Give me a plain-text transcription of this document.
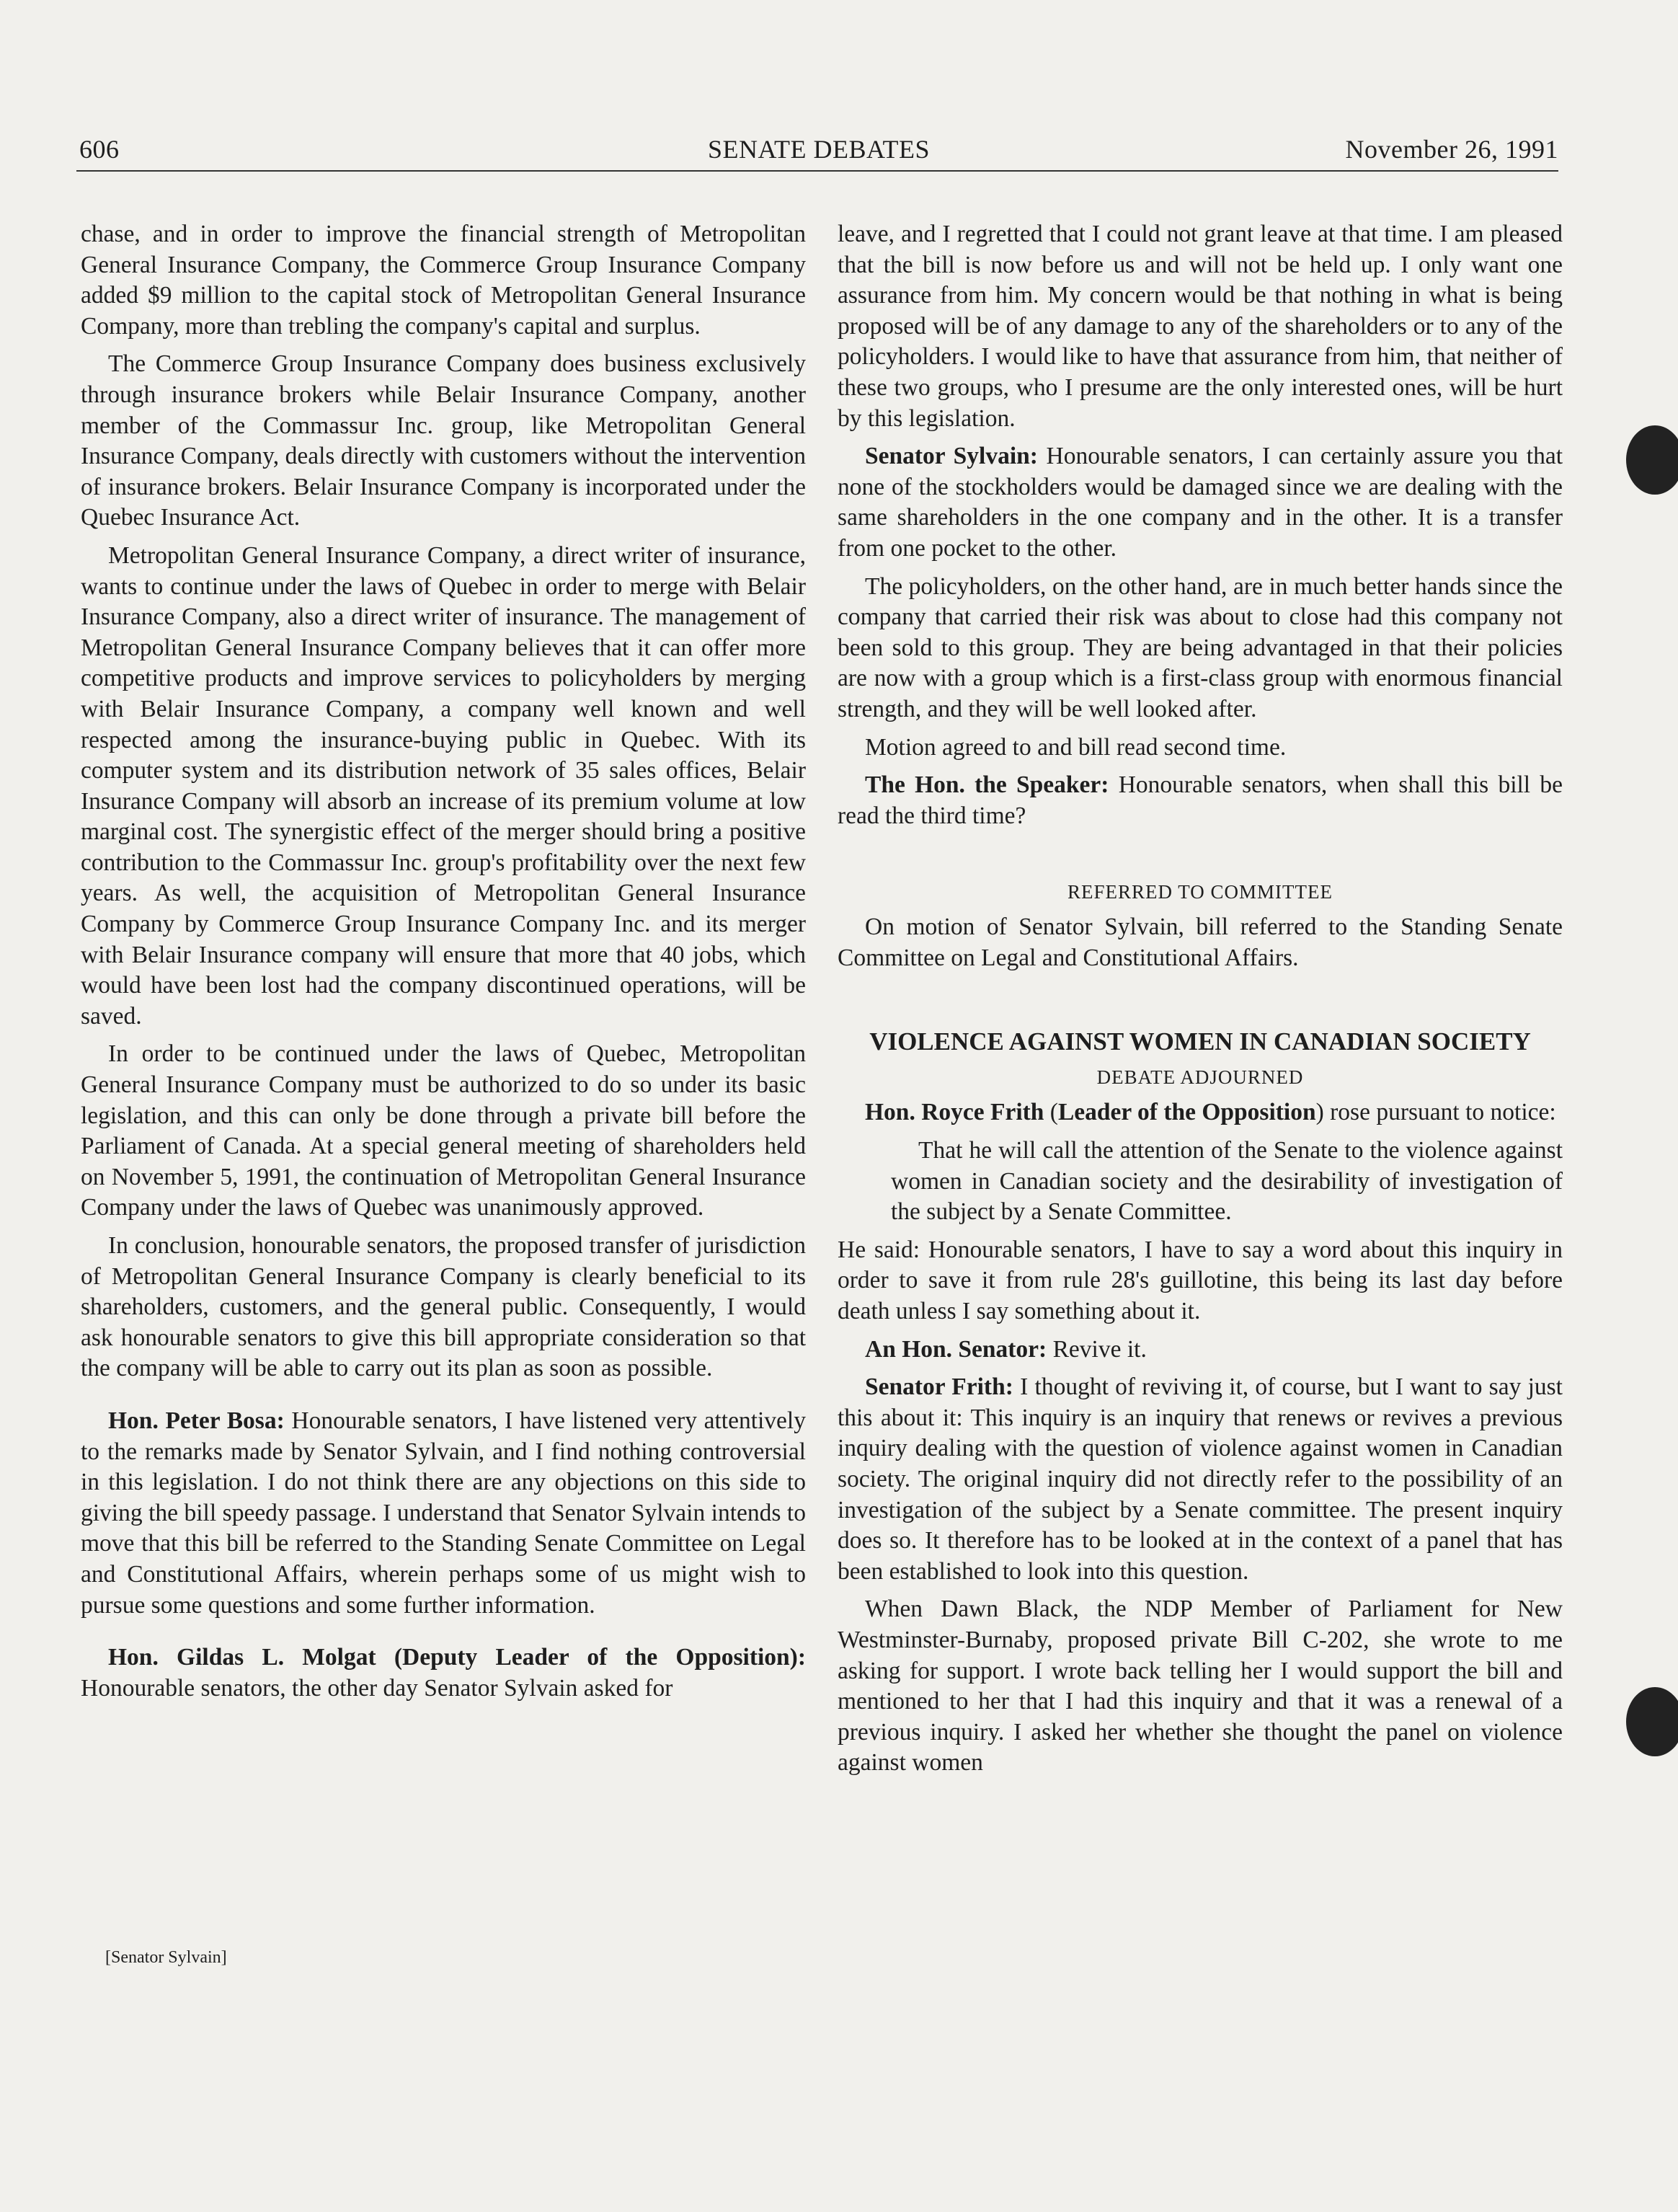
606	SENATE DEBATES	November 26, 1991

chase, and in order to improve the financial strength of Metropolitan General Insurance Company, the Commerce Group Insurance Company added $9 million to the capital stock of Metropolitan General Insurance Company, more than trebling the company's capital and surplus.

The Commerce Group Insurance Company does business exclusively through insurance brokers while Belair Insurance Company, another member of the Commassur Inc. group, like Metropolitan General Insurance Company, deals directly with customers without the intervention of insurance brokers. Belair Insurance Company is incorporated under the Quebec Insurance Act.

Metropolitan General Insurance Company, a direct writer of insurance, wants to continue under the laws of Quebec in order to merge with Belair Insurance Company, also a direct writer of insurance. The management of Metropolitan General Insurance Company believes that it can offer more competitive products and improve services to policyholders by merging with Belair Insurance Company, a company well known and well respected among the insurance-buying public in Quebec. With its computer system and its distribution network of 35 sales offices, Belair Insurance Company will absorb an increase of its premium volume at low marginal cost. The synergistic effect of the merger should bring a positive contribution to the Commassur Inc. group's profitability over the next few years. As well, the acquisition of Metropolitan General Insurance Company by Commerce Group Insurance Company Inc. and its merger with Belair Insurance company will ensure that more that 40 jobs, which would have been lost had the company discontinued operations, will be saved.

In order to be continued under the laws of Quebec, Metropolitan General Insurance Company must be authorized to do so under its basic legislation, and this can only be done through a private bill before the Parliament of Canada. At a special general meeting of shareholders held on November 5, 1991, the continuation of Metropolitan General Insurance Company under the laws of Quebec was unanimously approved.

In conclusion, honourable senators, the proposed transfer of jurisdiction of Metropolitan General Insurance Company is clearly beneficial to its shareholders, customers, and the general public. Consequently, I would ask honourable senators to give this bill appropriate consideration so that the company will be able to carry out its plan as soon as possible.

Hon. Peter Bosa: Honourable senators, I have listened very attentively to the remarks made by Senator Sylvain, and I find nothing controversial in this legislation. I do not think there are any objections on this side to giving the bill speedy passage. I understand that Senator Sylvain intends to move that this bill be referred to the Standing Senate Committee on Legal and Constitutional Affairs, wherein perhaps some of us might wish to pursue some questions and some further information.

Hon. Gildas L. Molgat (Deputy Leader of the Opposition): Honourable senators, the other day Senator Sylvain asked for

[Senator Sylvain]

leave, and I regretted that I could not grant leave at that time. I am pleased that the bill is now before us and will not be held up. I only want one assurance from him. My concern would be that nothing in what is being proposed will be of any damage to any of the shareholders or to any of the policyholders. I would like to have that assurance from him, that neither of these two groups, who I presume are the only interested ones, will be hurt by this legislation.

Senator Sylvain: Honourable senators, I can certainly assure you that none of the stockholders would be damaged since we are dealing with the same shareholders in the one company and in the other. It is a transfer from one pocket to the other.

The policyholders, on the other hand, are in much better hands since the company that carried their risk was about to close had this company not been sold to this group. They are being advantaged in that their policies are now with a group which is a first-class group with enormous financial strength, and they will be well looked after.

Motion agreed to and bill read second time.

The Hon. the Speaker: Honourable senators, when shall this bill be read the third time?

REFERRED TO COMMITTEE

On motion of Senator Sylvain, bill referred to the Standing Senate Committee on Legal and Constitutional Affairs.

VIOLENCE AGAINST WOMEN IN CANADIAN SOCIETY
DEBATE ADJOURNED

Hon. Royce Frith (Leader of the Opposition) rose pursuant to notice:

That he will call the attention of the Senate to the violence against women in Canadian society and the desirability of investigation of the subject by a Senate Committee.

He said: Honourable senators, I have to say a word about this inquiry in order to save it from rule 28's guillotine, this being its last day before death unless I say something about it.

An Hon. Senator: Revive it.

Senator Frith: I thought of reviving it, of course, but I want to say just this about it: This inquiry is an inquiry that renews or revives a previous inquiry dealing with the question of violence against women in Canadian society. The original inquiry did not directly refer to the possibility of an investigation of the subject by a Senate committee. The present inquiry does so. It therefore has to be looked at in the context of a panel that has been established to look into this question.

When Dawn Black, the NDP Member of Parliament for New Westminster-Burnaby, proposed private Bill C-202, she wrote to me asking for support. I wrote back telling her I would support the bill and mentioned to her that I had this inquiry and that it was a renewal of a previous inquiry. I asked her whether she thought the panel on violence against women
